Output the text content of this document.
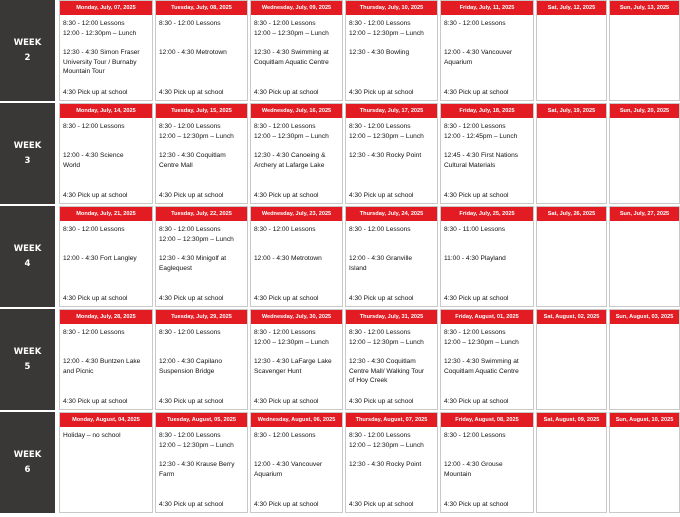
WEEK
2
Monday, July, 07, 2025
8:30 - 12:00 Lessons
12:00 - 12:30pm – Lunch
12:30 - 4:30 Simon Fraser
University Tour / Burnaby
Mountain Tour
4:30 Pick up at school
Tuesday, July, 08, 2025
8:30 - 12:00 Lessons
12:00 - 4:30 Metrotown
4:30 Pick up at school
Wednesday, July, 09, 2025
8:30 - 12:00 Lessons
12:00 – 12:30pm – Lunch
12:30 - 4:30 Swimming at
Coquitlam Aquatic Centre
4:30 Pick up at school
Thursday, July, 10, 2025
8:30 - 12:00 Lessons
12:00 – 12:30pm – Lunch
12:30 - 4:30 Bowling
4:30 Pick up at school
Friday, July, 11, 2025
8:30 - 12:00 Lessons
12:00 - 4:30 Vancouver
Aquarium
4:30 Pick up at school
Sat, July, 12, 2025	Sun, July, 13, 2025
WEEK
3
Monday, July, 14, 2025
8:30 - 12:00 Lessons
12:00 - 4:30 Science
World
4:30 Pick up at school
Tuesday, July, 15, 2025
8:30 - 12:00 Lessons
12:00 – 12:30pm – Lunch
12:30 - 4:30 Coquitlam
Centre Mall
4:30 Pick up at school
Wednesday, July, 16, 2025
8:30 - 12:00 Lessons
12:00 – 12:30pm – Lunch
12:30 - 4:30 Canoeing &
Archery at Lafarge Lake
4:30 Pick up at school
Thursday, July, 17, 2025
8:30 - 12:00 Lessons
12:00 – 12:30pm – Lunch
12:30 - 4:30 Rocky Point
4:30 Pick up at school
Friday, July, 18, 2025
8:30 - 12:00 Lessons
12:00 - 12:45pm – Lunch
12:45 - 4:30 First Nations
Cultural Materials
4:30 Pick up at school
Sat, July, 19, 2025	Sun, July, 20, 2025
WEEK
4
Monday, July, 21, 2025
8:30 - 12:00 Lessons
12:00 - 4:30 Fort Langley
4:30 Pick up at school
Tuesday, July, 22, 2025
8:30 - 12:00 Lessons
12:00 – 12:30pm – Lunch
12:30 - 4:30 Minigolf at
Eaglequest
4:30 Pick up at school
Wednesday, July, 23, 2025
8:30 - 12:00 Lessons
12:00 - 4:30 Metrotown
4:30 Pick up at school
Thursday, July, 24, 2025
8:30 - 12:00 Lessons
12:00 - 4:30 Granville
Island
4:30 Pick up at school
Friday, July, 25, 2025
8:30 - 11:00 Lessons
11:00 - 4:30 Playland
4:30 Pick up at school
Sat, July, 26, 2025	Sun, July, 27, 2025
WEEK
5
Monday, July, 28, 2025
8:30 - 12:00 Lessons
12:00 - 4:30 Buntzen Lake
and Picnic
4:30 Pick up at school
Tuesday, July, 29, 2025
8:30 - 12:00 Lessons
12:00 - 4:30 Capilano
Suspension Bridge
4:30 Pick up at school
Wednesday, July, 30, 2025
8:30 - 12:00 Lessons
12:00 – 12:30pm – Lunch
12:30 - 4:30 LaFarge Lake
Scavenger Hunt
4:30 Pick up at school
Thursday, July, 31, 2025
8:30 - 12:00 Lessons
12:00 – 12:30pm – Lunch
12:30 - 4:30 Coquitlam
Centre Mall/ Walking Tour
of Hoy Creek
4:30 Pick up at school
Friday, August, 01, 2025
8:30 - 12:00 Lessons
12:00 – 12:30pm – Lunch
12:30 - 4:30 Swimming at
Coquitlam Aquatic Centre
4:30 Pick up at school
Sat, August, 02, 2025	Sun, August, 03, 2025
WEEK
6
Monday, August, 04, 2025
Holiday – no school
Tuesday, August, 05, 2025
8:30 - 12:00 Lessons
12:00 – 12:30pm – Lunch
12:30 - 4:30 Krause Berry
Farm
4:30 Pick up at school
Wednesday, August, 06, 2025
8:30 - 12:00 Lessons
12:00 - 4:30 Vancouver
Aquarium
4:30 Pick up at school
Thursday, August, 07, 2025
8:30 - 12:00 Lessons
12:00 – 12:30pm – Lunch
12:30 - 4:30 Rocky Point
4:30 Pick up at school
Friday, August, 08, 2025
8:30 - 12:00 Lessons
12:00 - 4:30 Grouse
Mountain
4:30 Pick up at school
Sat, August, 09, 2025	Sun, August, 10, 2025
